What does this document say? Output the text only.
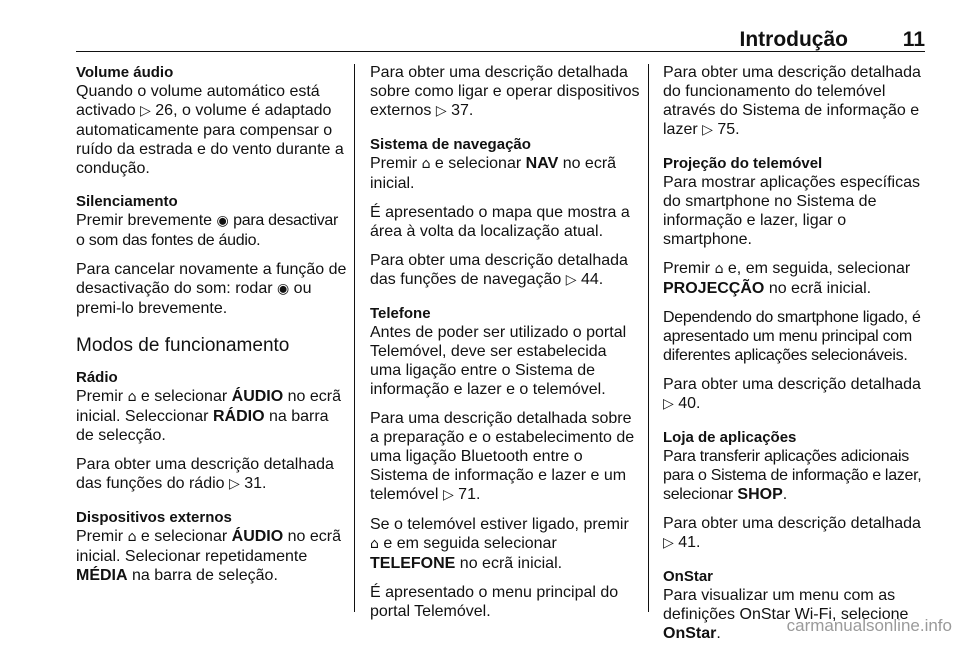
Introdução	11
Volume áudio
Quando o volume automático está activado ▷ 26, o volume é adaptado automaticamente para compensar o ruído da estrada e do vento durante a condução.
Silenciamento
Premir brevemente ◉ para desactivar o som das fontes de áudio.
Para cancelar novamente a função de desactivação do som: rodar ◉ ou premi-lo brevemente.
Modos de funcionamento
Rádio
Premir ⌂ e selecionar ÁUDIO no ecrã inicial. Seleccionar RÁDIO na barra de selecção.
Para obter uma descrição detalhada das funções do rádio ▷ 31.
Dispositivos externos
Premir ⌂ e selecionar ÁUDIO no ecrã inicial. Selecionar repetidamente MÉDIA na barra de seleção.
Para obter uma descrição detalhada sobre como ligar e operar dispositivos externos ▷ 37.
Sistema de navegação
Premir ⌂ e selecionar NAV no ecrã inicial.
É apresentado o mapa que mostra a área à volta da localização atual.
Para obter uma descrição detalhada das funções de navegação ▷ 44.
Telefone
Antes de poder ser utilizado o portal Telemóvel, deve ser estabelecida uma ligação entre o Sistema de informação e lazer e o telemóvel.
Para uma descrição detalhada sobre a preparação e o estabelecimento de uma ligação Bluetooth entre o Sistema de informação e lazer e um telemóvel ▷ 71.
Se o telemóvel estiver ligado, premir ⌂ e em seguida selecionar TELEFONE no ecrã inicial.
É apresentado o menu principal do portal Telemóvel.
Para obter uma descrição detalhada do funcionamento do telemóvel através do Sistema de informação e lazer ▷ 75.
Projeção do telemóvel
Para mostrar aplicações específicas do smartphone no Sistema de informação e lazer, ligar o smartphone.
Premir ⌂ e, em seguida, selecionar PROJECÇÃO no ecrã inicial.
Dependendo do smartphone ligado, é apresentado um menu principal com diferentes aplicações selecionáveis.
Para obter uma descrição detalhada ▷ 40.
Loja de aplicações
Para transferir aplicações adicionais para o Sistema de informação e lazer, selecionar SHOP.
Para obter uma descrição detalhada ▷ 41.
OnStar
Para visualizar um menu com as definições OnStar Wi-Fi, selecione OnStar.	carmanualsonline.info
